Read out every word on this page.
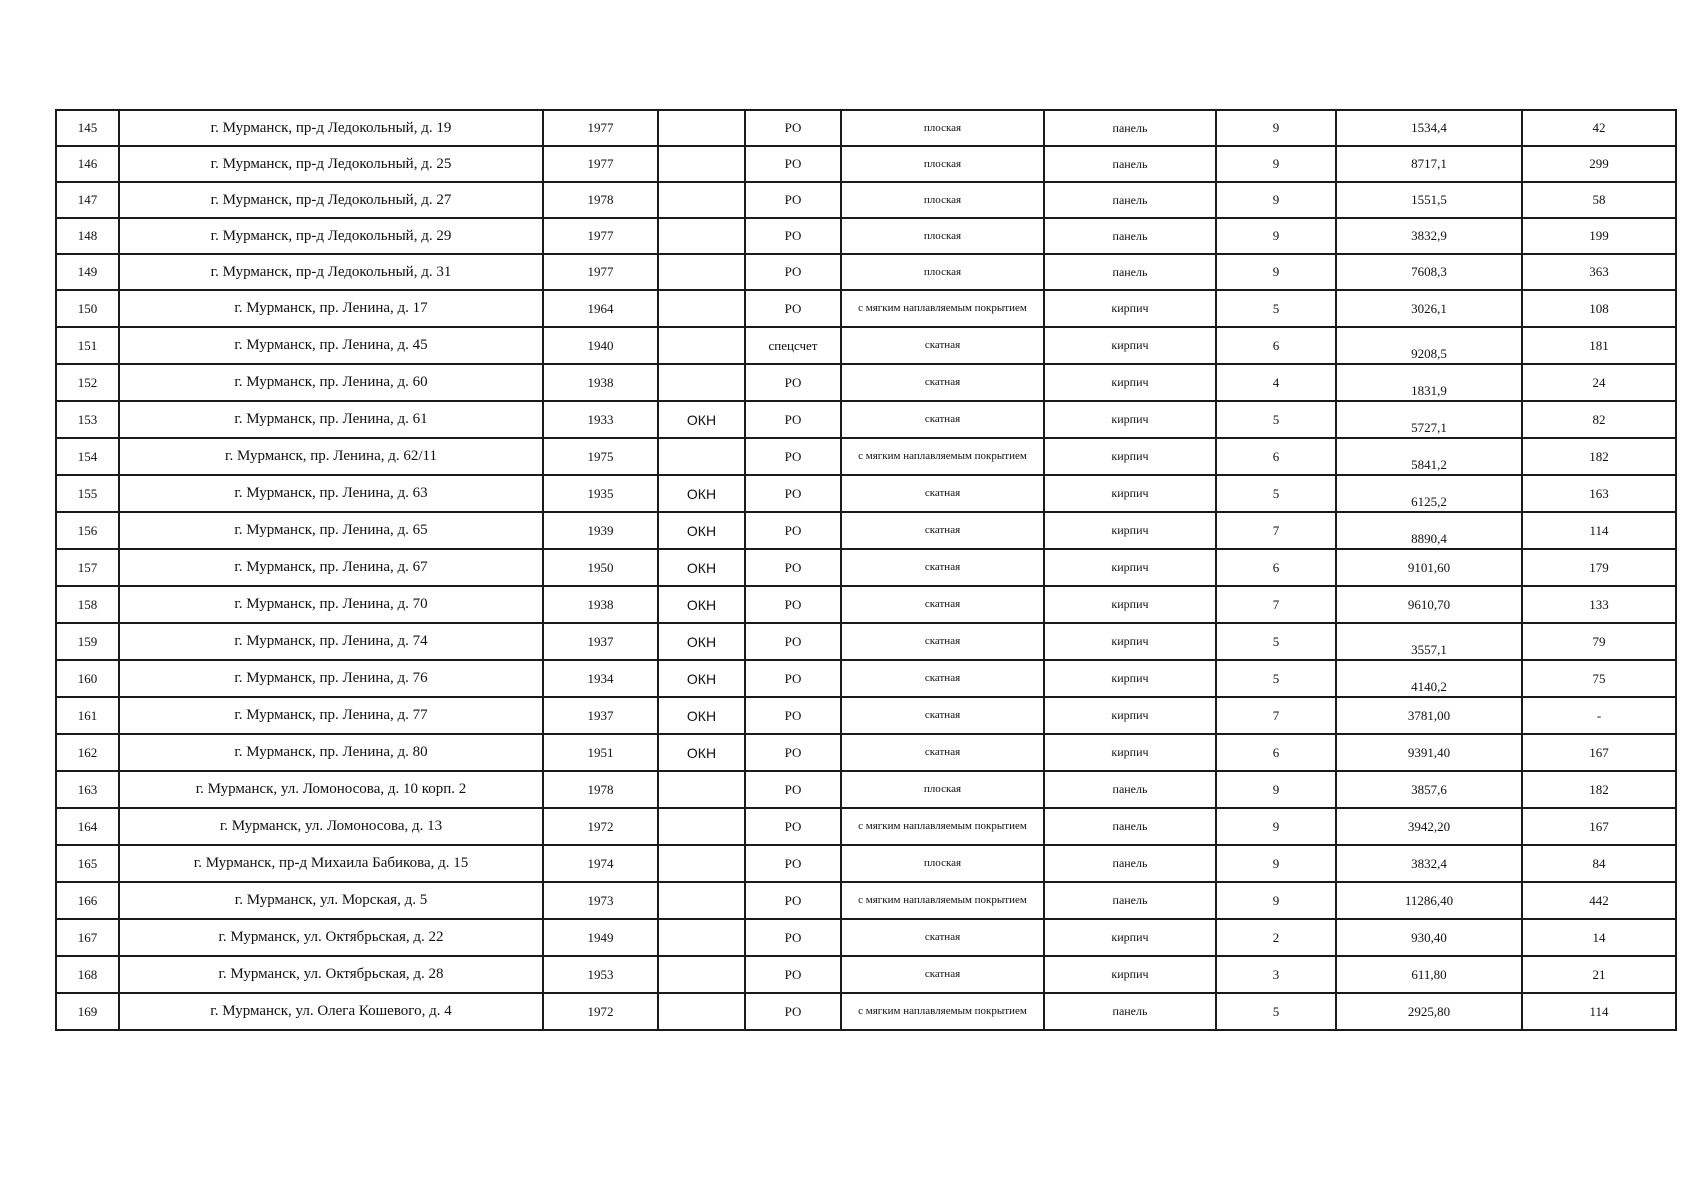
145	г. Мурманск, пр-д Ледокольный, д. 19	1977		РО	плоская	панель	9	1534,4	42
146	г. Мурманск, пр-д Ледокольный, д. 25	1977		РО	плоская	панель	9	8717,1	299
147	г. Мурманск, пр-д Ледокольный, д. 27	1978		РО	плоская	панель	9	1551,5	58
148	г. Мурманск, пр-д Ледокольный, д. 29	1977		РО	плоская	панель	9	3832,9	199
149	г. Мурманск, пр-д Ледокольный, д. 31	1977		РО	плоская	панель	9	7608,3	363
150	г. Мурманск, пр. Ленина, д. 17	1964		РО	с мягким наплавляемым покрытием	кирпич	5	3026,1	108
151	г. Мурманск, пр. Ленина, д. 45	1940		спецсчет	скатная	кирпич	6	9208,5	181
152	г. Мурманск, пр. Ленина, д. 60	1938		РО	скатная	кирпич	4	1831,9	24
153	г. Мурманск, пр. Ленина, д. 61	1933	ОКН	РО	скатная	кирпич	5	5727,1	82
154	г. Мурманск, пр. Ленина, д. 62/11	1975		РО	с мягким наплавляемым покрытием	кирпич	6	5841,2	182
155	г. Мурманск, пр. Ленина, д. 63	1935	ОКН	РО	скатная	кирпич	5	6125,2	163
156	г. Мурманск, пр. Ленина, д. 65	1939	ОКН	РО	скатная	кирпич	7	8890,4	114
157	г. Мурманск, пр. Ленина, д. 67	1950	ОКН	РО	скатная	кирпич	6	9101,60	179
158	г. Мурманск, пр. Ленина, д. 70	1938	ОКН	РО	скатная	кирпич	7	9610,70	133
159	г. Мурманск, пр. Ленина, д. 74	1937	ОКН	РО	скатная	кирпич	5	3557,1	79
160	г. Мурманск, пр. Ленина, д. 76	1934	ОКН	РО	скатная	кирпич	5	4140,2	75
161	г. Мурманск, пр. Ленина, д. 77	1937	ОКН	РО	скатная	кирпич	7	3781,00	-
162	г. Мурманск, пр. Ленина, д. 80	1951	ОКН	РО	скатная	кирпич	6	9391,40	167
163	г. Мурманск, ул. Ломоносова, д. 10 корп. 2	1978		РО	плоская	панель	9	3857,6	182
164	г. Мурманск, ул. Ломоносова, д. 13	1972		РО	с мягким наплавляемым покрытием	панель	9	3942,20	167
165	г. Мурманск, пр-д Михаила Бабикова, д. 15	1974		РО	плоская	панель	9	3832,4	84
166	г. Мурманск, ул. Морская, д. 5	1973		РО	с мягким наплавляемым покрытием	панель	9	11286,40	442
167	г. Мурманск, ул. Октябрьская, д. 22	1949		РО	скатная	кирпич	2	930,40	14
168	г. Мурманск, ул. Октябрьская, д. 28	1953		РО	скатная	кирпич	3	611,80	21
169	г. Мурманск, ул. Олега Кошевого, д. 4	1972		РО	с мягким наплавляемым покрытием	панель	5	2925,80	114
